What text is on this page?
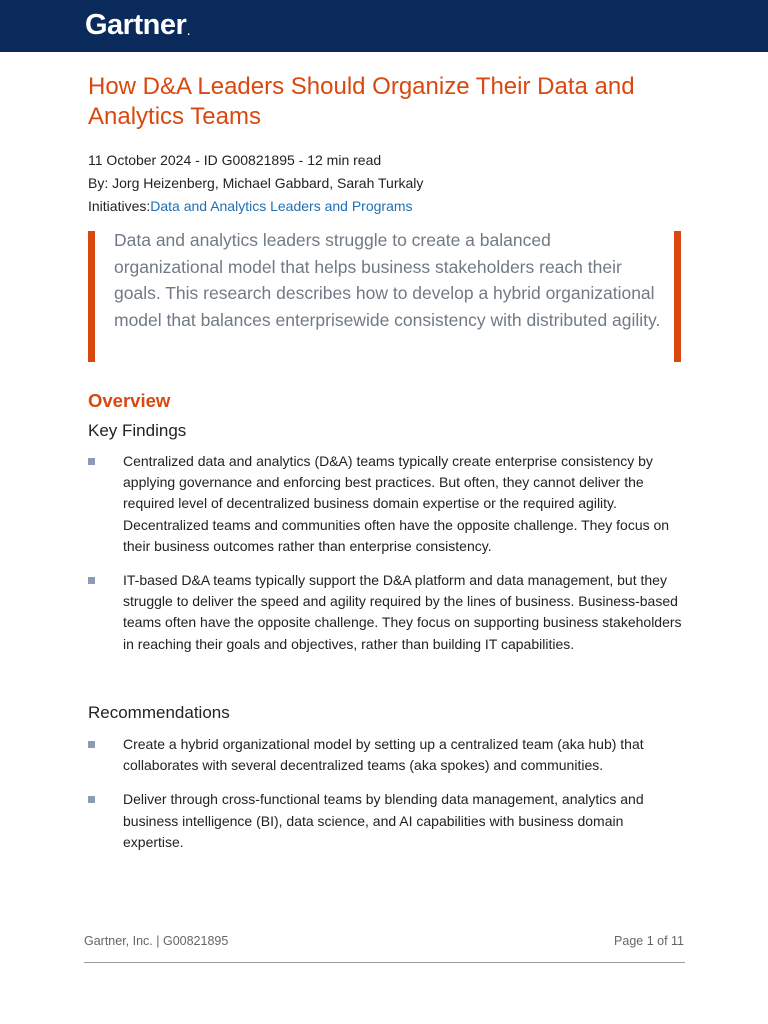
Gartner.
How D&A Leaders Should Organize Their Data and Analytics Teams
11 October 2024 - ID G00821895 - 12 min read
By: Jorg Heizenberg, Michael Gabbard, Sarah Turkaly
Initiatives:Data and Analytics Leaders and Programs
Data and analytics leaders struggle to create a balanced organizational model that helps business stakeholders reach their goals. This research describes how to develop a hybrid organizational model that balances enterprisewide consistency with distributed agility.
Overview
Key Findings
Centralized data and analytics (D&A) teams typically create enterprise consistency by applying governance and enforcing best practices. But often, they cannot deliver the required level of decentralized business domain expertise or the required agility. Decentralized teams and communities often have the opposite challenge. They focus on their business outcomes rather than enterprise consistency.
IT-based D&A teams typically support the D&A platform and data management, but they struggle to deliver the speed and agility required by the lines of business. Business-based teams often have the opposite challenge. They focus on supporting business stakeholders in reaching their goals and objectives, rather than building IT capabilities.
Recommendations
Create a hybrid organizational model by setting up a centralized team (aka hub) that collaborates with several decentralized teams (aka spokes) and communities.
Deliver through cross-functional teams by blending data management, analytics and business intelligence (BI), data science, and AI capabilities with business domain expertise.
Gartner, Inc. | G00821895	Page 1 of 11
